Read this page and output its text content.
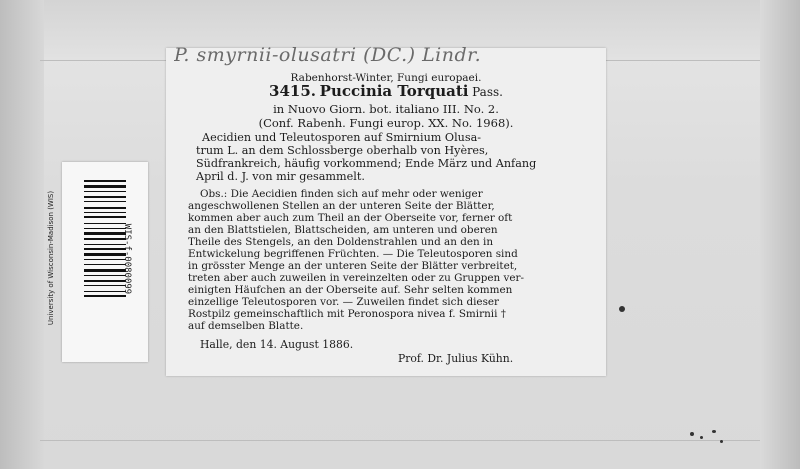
Rabenhorst-Winter, Fungi europaei.
3415. Puccinia Torquati Pass.
in Nuovo Giorn. bot. italiano III. No. 2.
(Conf. Rabenh. Fungi europ. XX. No. 1968).
Aecidien und Teleutosporen auf Smirnium Olusa-
trum L. an dem Schlossberge oberhalb von Hyères,
Südfrankreich, häufig vorkommend; Ende März und Anfang
April d. J. von mir gesammelt.
Obs.: Die Aecidien finden sich auf mehr oder weniger
angeschwollenen Stellen an der unteren Seite der Blätter,
kommen aber auch zum Theil an der Oberseite vor, ferner oft
an den Blattstielen, Blattscheiden, am unteren und oberen
Theile des Stengels, an den Doldenstrahlen und an den in
Entwickelung begriffenen Früchten. — Die Teleutosporen sind
in grösster Menge an der unteren Seite der Blätter verbreitet,
treten aber auch zuweilen in vereinzelten oder zu Gruppen ver-
einigten Häufchen an der Oberseite auf. Sehr selten kommen
einzellige Teleutosporen vor. — Zuweilen findet sich dieser
Rostpilz gemeinschaftlich mit Peronospora nivea f. Smirnii †
auf demselben Blatte.
Halle, den 14. August 1886.
Prof. Dr. Julius Kühn.
P. smyrnii-olusatri (DC.) Lindr.
University of Wisconsin-Madison (WIS)	WIS-f-0080099
